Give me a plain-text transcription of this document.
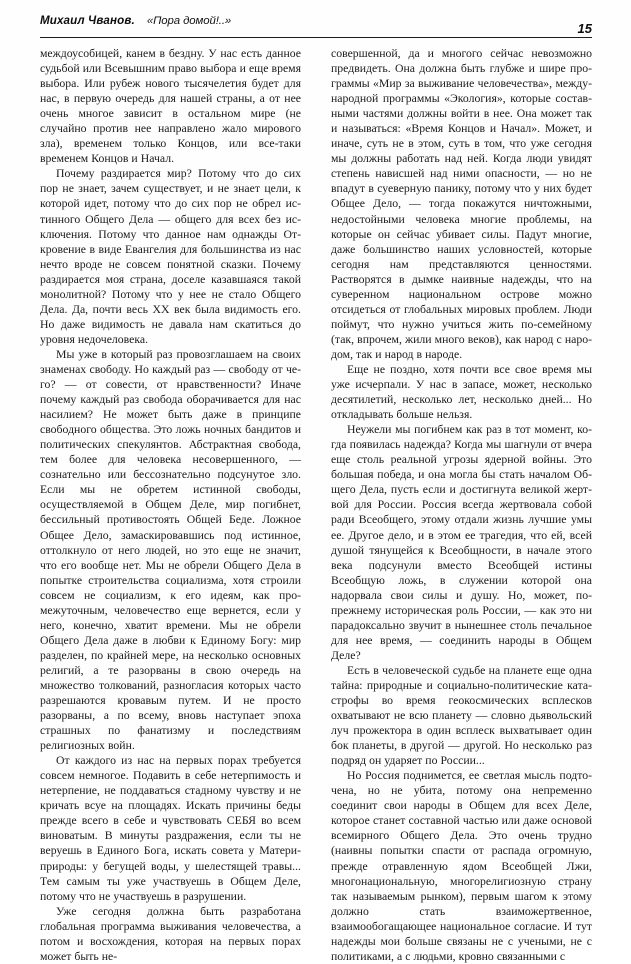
Михаил Чванов. «Пора домой!..»	15

междоусобицей, канем в бездну. У нас есть данное судьбой или Всевышним право выбора и еще время выбора. Или рубеж нового тысячелетия будет для нас, в первую очередь для нашей страны, а от нее очень многое зависит в остальном мире (не случайно против нее направлено жало мирового зла), временем только Концов, или все-таки временем Концов и Начал.

Почему раздирается мир? Потому что до сих пор не знает, зачем существует, и не знает цели, к которой идет, потому что до сих пор не обрел истинного Общего Дела — общего для всех без исключения. Потому что данное нам однажды Откровение в виде Евангелия для большинства из нас нечто вроде не совсем понятной сказки. Почему раздирается моя страна, доселе казавшаяся такой монолитной? Потому что у нее не стало Общего Дела. Да, почти весь XX век была видимость его. Но даже видимость не давала нам скатиться до уровня недочеловека.

Мы уже в который раз провозглашаем на своих знаменах свободу. Но каждый раз — свободу от чего? — от совести, от нравственности? Иначе почему каждый раз свобода оборачивается для нас насилием? Не может быть даже в принципе свободного общества. Это ложь ночных бандитов и политических спекулянтов. Абстрактная свобода, тем более для человека несовершенного, — сознательно или бессознательно подсунутое зло. Если мы не обретем истинной свободы, осуществляемой в Общем Деле, мир погибнет, бессильный противостоять Общей Беде. Ложное Общее Дело, замаскировавшись под истинное, оттолкнуло от него людей, но это еще не значит, что его вообще нет. Мы не обрели Общего Дела в попытке строительства социализма, хотя строили совсем не социализм, к его идеям, как промежуточным, человечество еще вернется, если у него, конечно, хватит времени. Мы не обрели Общего Дела даже в любви к Единому Богу: мир разделен, по крайней мере, на несколько основных религий, а те разорваны в свою очередь на множество толкований, разногласия которых часто разрешаются кровавым путем. И не просто разорваны, а по всему, вновь наступает эпоха страшных по фанатизму и последствиям религиозных войн.

От каждого из нас на первых порах требуется совсем немногое. Подавить в себе нетерпимость и нетерпение, не поддаваться стадному чувству и не кричать всуе на площадях. Искать причины беды прежде всего в себе и чувствовать СЕБЯ во всем виноватым. В минуты раздражения, если ты не веруешь в Единого Бога, искать совета у Матери-природы: у бегущей воды, у шелестящей травы... Тем самым ты уже участвуешь в Общем Деле, потому что не участвуешь в разрушении.

Уже сегодня должна быть разработана глобальная программа выживания человечества, а потом и восхождения, которая на первых порах может быть не-

совершенной, да и многого сейчас невозможно предвидеть. Она должна быть глубже и шире программы «Мир за выживание человечества», международной программы «Экология», которые составными частями должны войти в нее. Она может так и называться: «Время Концов и Начал». Может, и иначе, суть не в этом, суть в том, что уже сегодня мы должны работать над ней. Когда люди увидят степень нависшей над ними опасности, — но не впадут в суеверную панику, потому что у них будет Общее Дело, — тогда покажутся ничтожными, недостойными человека многие проблемы, на которые он сейчас убивает силы. Падут многие, даже большинство наших условностей, которые сегодня нам представляются ценностями. Растворятся в дымке наивные надежды, что на суверенном национальном острове можно отсидеться от глобальных мировых проблем. Люди поймут, что нужно учиться жить по-семейному (так, впрочем, жили много веков), как народ с народом, так и народ в народе.

Еще не поздно, хотя почти все свое время мы уже исчерпали. У нас в запасе, может, несколько десятилетий, несколько лет, несколько дней... Но откладывать больше нельзя.

Неужели мы погибнем как раз в тот момент, когда появилась надежда? Когда мы шагнули от вчера еще столь реальной угрозы ядерной войны. Это большая победа, и она могла бы стать началом Общего Дела, пусть если и достигнута великой жертвой для России. Россия всегда жертвовала собой ради Всеобщего, этому отдали жизнь лучшие умы ее. Другое дело, и в этом ее трагедия, что ей, всей душой тянущейся к Всеобщности, в начале этого века подсунули вместо Всеобщей истины Всеобщую ложь, в служении которой она надорвала свои силы и душу. Но, может, по-прежнему историческая роль России, — как это ни парадоксально звучит в нынешнее столь печальное для нее время, — соединить народы в Общем Деле?

Есть в человеческой судьбе на планете еще одна тайна: природные и социально-политические катастрофы во время геокосмических всплесков охватывают не всю планету — словно дьявольский луч прожектора в один всплеск выхватывает один бок планеты, в другой — другой. Но несколько раз подряд он ударяет по России...

Но Россия поднимется, ее светлая мысль подточена, но не убита, потому она непременно соединит свои народы в Общем для всех Деле, которое станет составной частью или даже основой всемирного Общего Дела. Это очень трудно (наивны попытки спасти от распада огромную, прежде отравленную ядом Всеобщей Лжи, многонациональную, многорелигиозную страну так называемым рынком), первым шагом к этому должно стать взаиможертвенное, взаимообогащающее национальное согласие. И тут надежды мои больше связаны не с учеными, не с политиками, а с людьми, кровно связанными с
